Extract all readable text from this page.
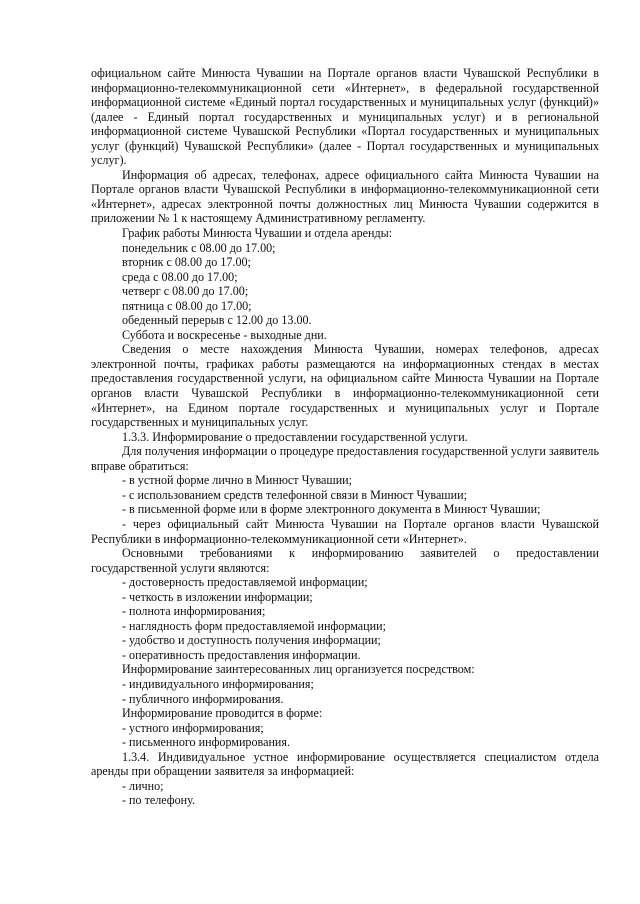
официальном сайте Минюста Чувашии на Портале органов власти Чувашской Республики в информационно-телекоммуникационной сети «Интернет», в федеральной государственной информационной системе «Единый портал государственных и муниципальных услуг (функций)» (далее - Единый портал государственных и муниципальных услуг) и в региональной информационной системе Чувашской Республики «Портал государственных и муниципальных услуг (функций) Чувашской Республики» (далее - Портал государственных и муниципальных услуг).

Информация об адресах, телефонах, адресе официального сайта Минюста Чувашии на Портале органов власти Чувашской Республики в информационно-телекоммуникационной сети «Интернет», адресах электронной почты должностных лиц Минюста Чувашии содержится в приложении № 1 к настоящему Административному регламенту.

График работы Минюста Чувашии и отдела аренды:

понедельник с 08.00 до 17.00;

вторник с 08.00 до 17.00;

среда с 08.00 до 17.00;

четверг с 08.00 до 17.00;

пятница с 08.00 до 17.00;

обеденный перерыв с 12.00 до 13.00.

Суббота и воскресенье - выходные дни.

Сведения о месте нахождения Минюста Чувашии, номерах телефонов, адресах электронной почты, графиках работы размещаются на информационных стендах в местах предоставления государственной услуги, на официальном сайте Минюста Чувашии на Портале органов власти Чувашской Республики в информационно-телекоммуникационной сети «Интернет», на Едином портале государственных и муниципальных услуг и Портале государственных и муниципальных услуг.

1.3.3. Информирование о предоставлении государственной услуги.

Для получения информации о процедуре предоставления государственной услуги заявитель вправе обратиться:

- в устной форме лично в Минюст Чувашии;

- с использованием средств телефонной связи в Минюст Чувашии;

- в письменной форме или в форме электронного документа в Минюст Чувашии;

- через официальный сайт Минюста Чувашии на Портале органов власти Чувашской Республики в информационно-телекоммуникационной сети «Интернет».

Основными требованиями к информированию заявителей о предоставлении государственной услуги являются:

- достоверность предоставляемой информации;

- четкость в изложении информации;

- полнота информирования;

- наглядность форм предоставляемой информации;

- удобство и доступность получения информации;

- оперативность предоставления информации.

Информирование заинтересованных лиц организуется посредством:

- индивидуального информирования;

- публичного информирования.

Информирование проводится в форме:

- устного информирования;

- письменного информирования.

1.3.4. Индивидуальное устное информирование осуществляется специалистом отдела аренды при обращении заявителя за информацией:

- лично;

- по телефону.
